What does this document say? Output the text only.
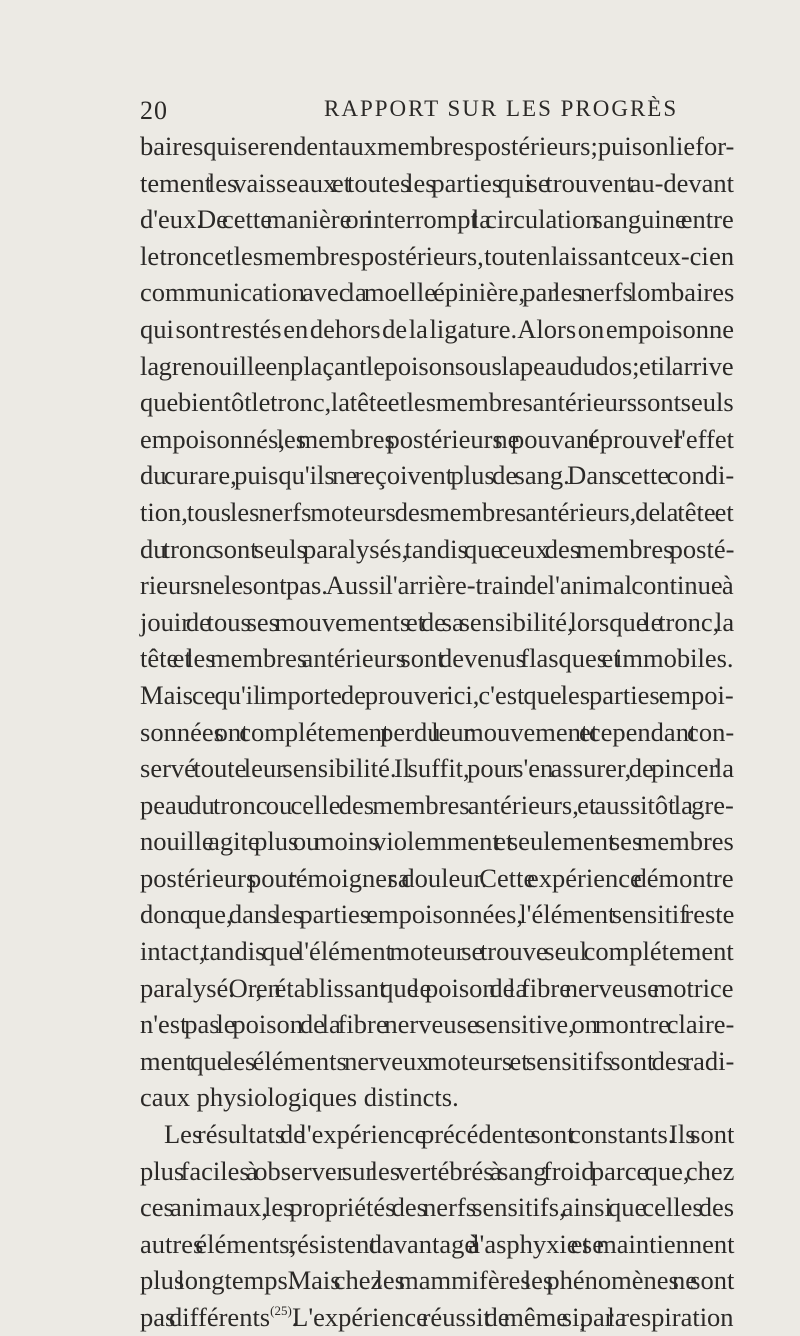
20	RAPPORT SUR LES PROGRÈS
baires qui se rendent aux membres postérieurs; puis on lie for-
tement les vaisseaux et toutes les parties qui se trouvent au-devant
d'eux. De cette manière on interrompt la circulation sanguine entre
le tronc et les membres postérieurs, tout en laissant ceux-ci en
communication avec la moelle épinière, par les nerfs lombaires
qui sont restés en dehors de la ligature. Alors on empoisonne
la grenouille en plaçant le poison sous la peau du dos; et il arrive
que bientôt le tronc, la tête et les membres antérieurs sont seuls
empoisonnés, les membres postérieurs ne pouvant éprouver l'effet
du curare, puisqu'ils ne reçoivent plus de sang. Dans cette condi-
tion, tous les nerfs moteurs des membres antérieurs, de la tête et
du tronc sont seuls paralysés, tandis que ceux des membres posté-
rieurs ne le sont pas. Aussi l'arrière-train de l'animal continue à
jouir de tous ses mouvements et de sa sensibilité, lorsque le tronc, la
tête et les membres antérieurs sont devenus flasques et immobiles.
Mais ce qu'il importe de prouver ici, c'est que les parties empoi-
sonnées ont complétement perdu leur mouvement et cependant con-
servé toute leur sensibilité. Il suffit, pour s'en assurer, de pincer la
peau du tronc ou celle des membres antérieurs, et aussitôt la gre-
nouille agite plus ou moins violemment et seulement ses membres
postérieurs pour témoigner sa douleur. Cette expérience démontre
donc que, dans les parties empoisonnées, l'élément sensitif reste
intact, tandis que l'élément moteur se trouve seul complétement
paralysé. Or, en établissant que le poison de la fibre nerveuse motrice
n'est pas le poison de la fibre nerveuse sensitive, on montre claire-
ment que les éléments nerveux moteurs et sensitifs sont des radi-
caux physiologiques distincts.
Les résultats de l'expérience précédente sont constants. Ils sont
plus faciles à observer sur les vertébrés à sang froid parce que, chez
ces animaux, les propriétés des nerfs sensitifs, ainsi que celles des
autres éléments, résistent davantage à l'asphyxie et se maintiennent
plus longtemps. Mais chez les mammifères les phénomènes ne sont
pas différents$^{(25)}$. L'expérience réussit de même si, par la respiration
